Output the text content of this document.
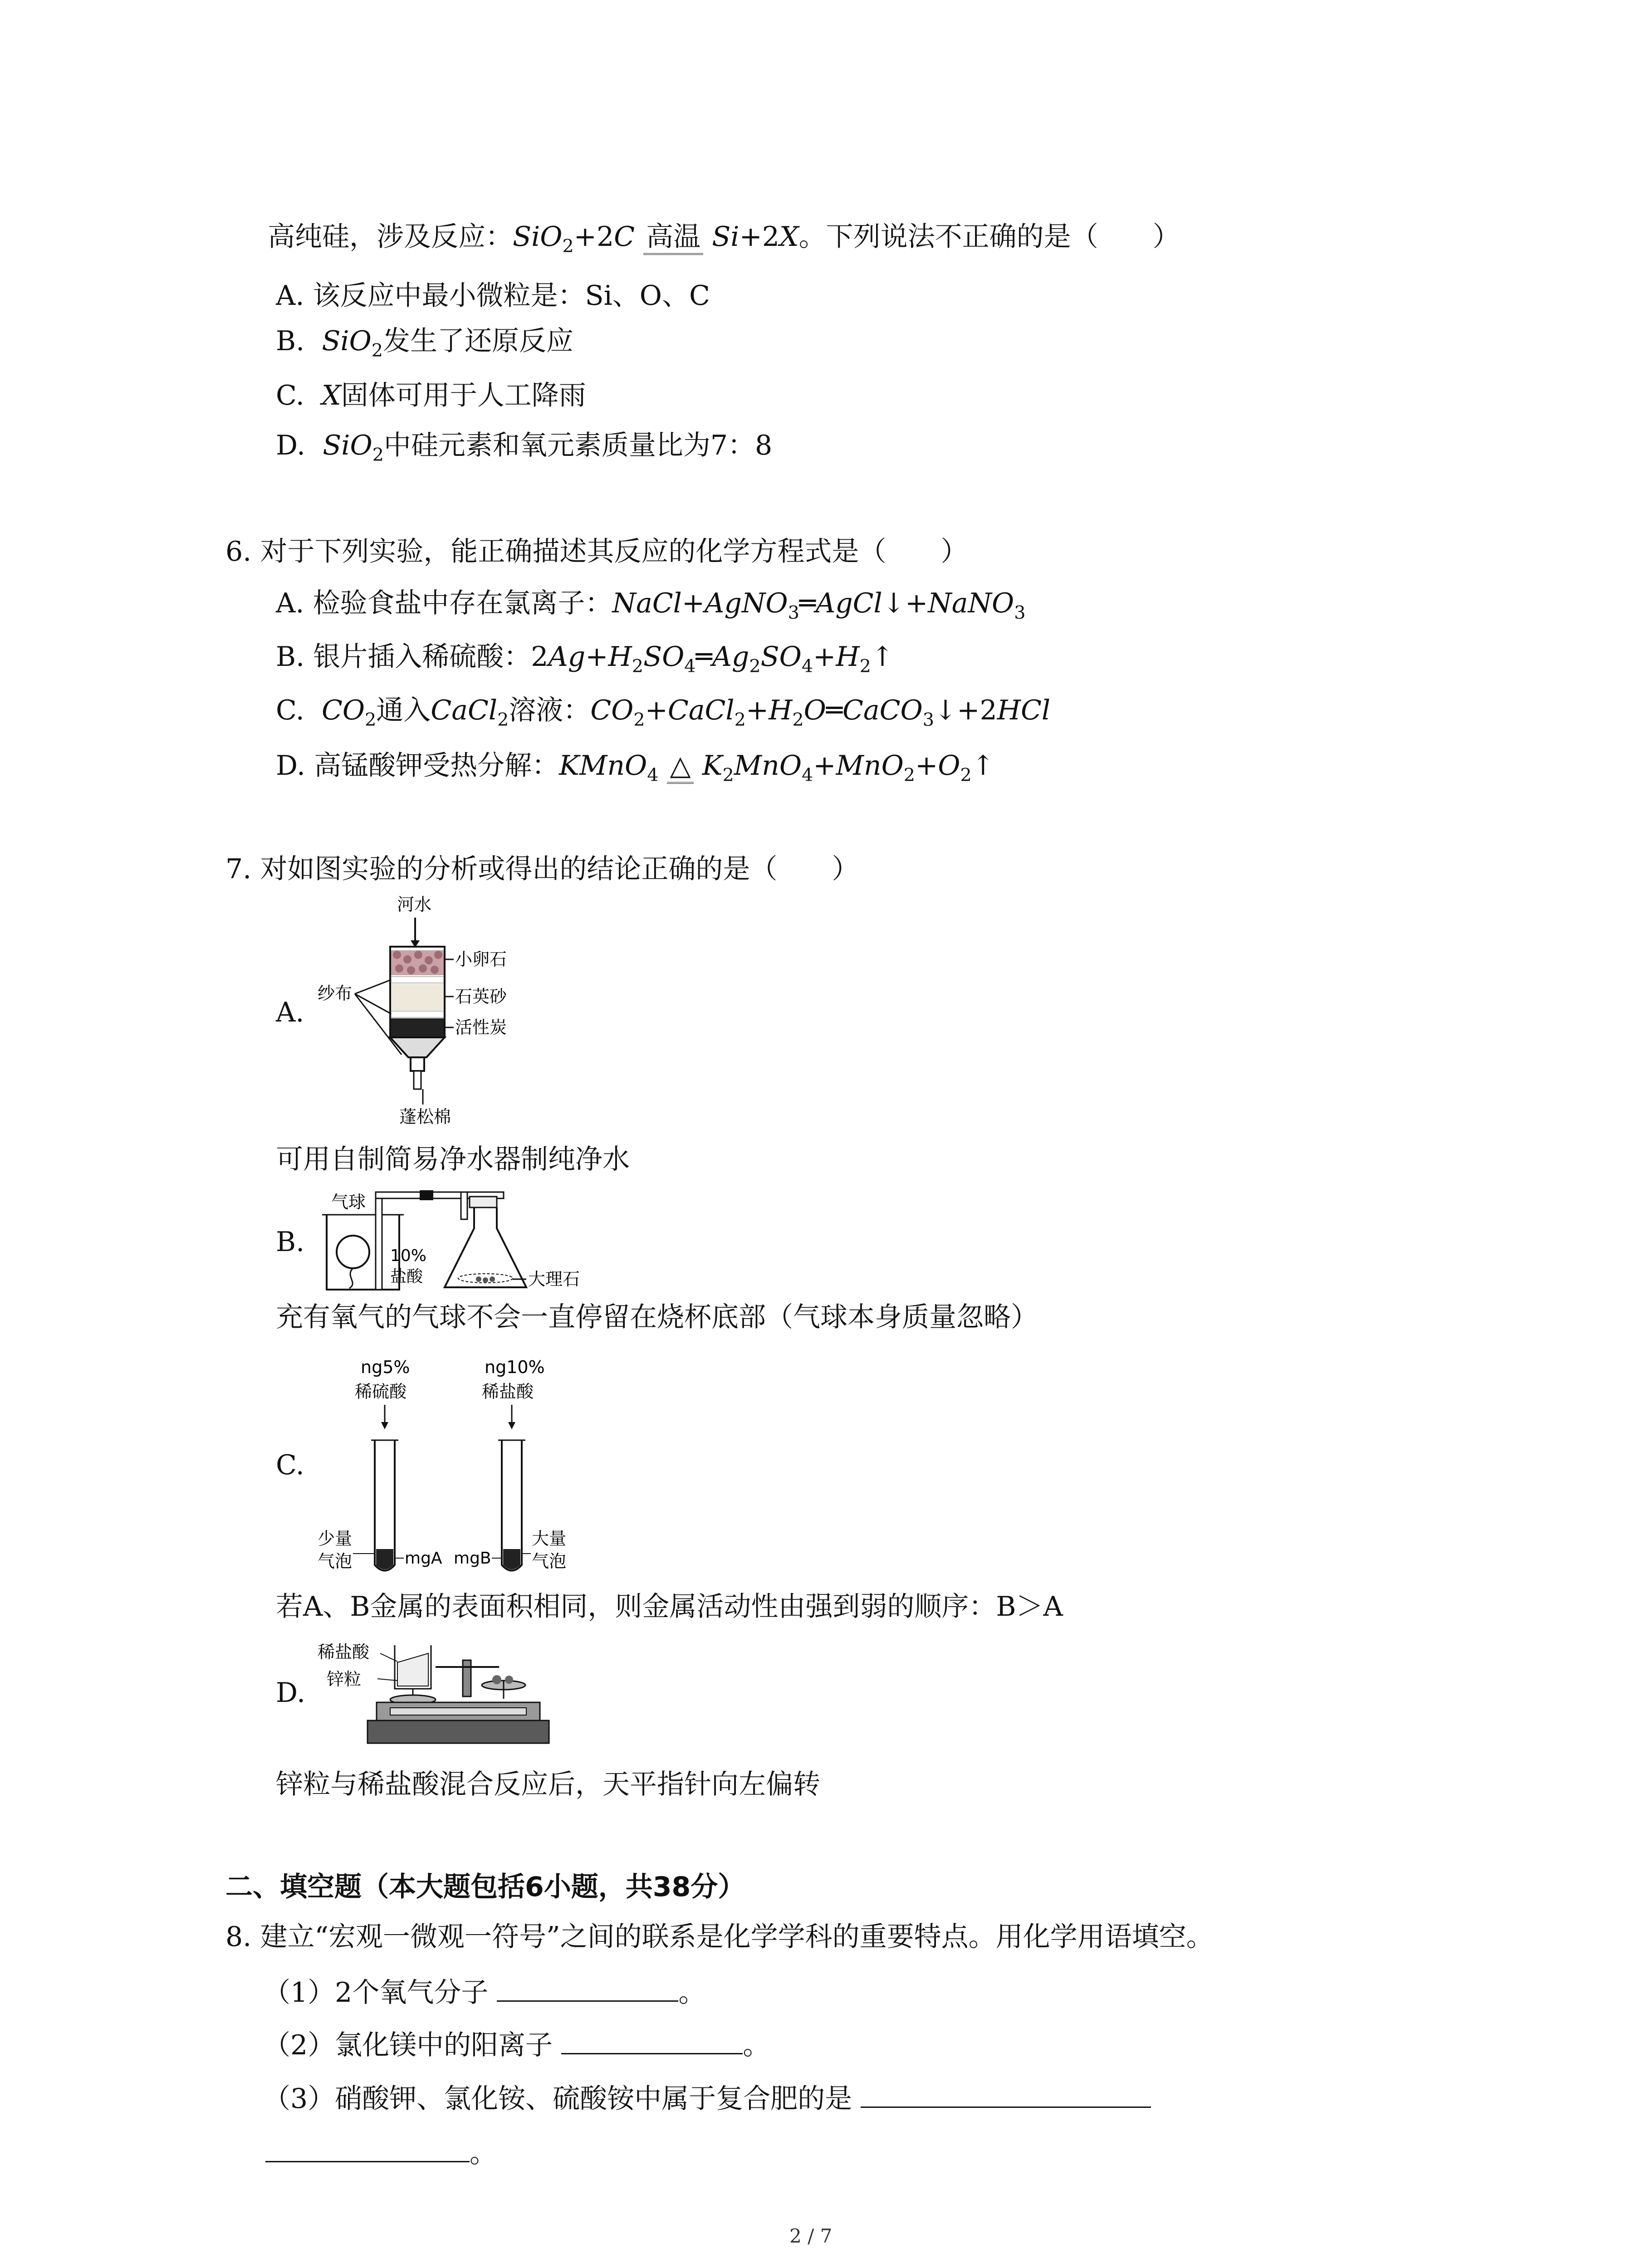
高纯硅，涉及反应：SiO$_2$+2C 高温 Si+2X。下列说法不正确的是（　　）
A. 该反应中最小微粒是：Si、O、C
B. SiO$_2$发生了还原反应
C. X固体可用于人工降雨
D. SiO$_2$中硅元素和氧元素质量比为7：8
6. 对于下列实验，能正确描述其反应的化学方程式是（　　）
A. 检验食盐中存在氯离子：NaCl+AgNO$_3$═AgCl↓+NaNO$_3$
B. 银片插入稀硫酸：$2Ag+H_2SO_4═Ag_2SO_4+H_2↑$
C. $CO_2$通入CaCl$_2$溶液：$CO_2+CaCl_2+H_2O═CaCO_3↓+2HCl$
D. 高锰酸钾受热分解：KMnO$_4$ △ $K_2MnO_4+MnO_2+O_2↑$
7. 对如图实验的分析或得出的结论正确的是（　　）
A.
河水
小卵石
石英砂
活性炭
纱布
蓬松棉
可用自制简易净水器制纯净水
B.
气球
10%
盐酸	大理石
充有氧气的气球不会一直停留在烧杯底部（气球本身质量忽略）
C.
ng5%
稀硫酸
ng10%
稀盐酸
少量
气泡	mgA mgB
大量
气泡
若A、B金属的表面积相同，则金属活动性由强到弱的顺序：B＞A
D.
稀盐酸
锌粒
锌粒与稀盐酸混合反应后，天平指针向左偏转
二、填空题（本大题包括6小题，共38分）
8. 建立“宏观一微观一符号”之间的联系是化学学科的重要特点。用化学用语填空。
（1）2个氧气分子	。
（2）氯化镁中的阳离子	。
（3）硝酸钾、氯化铵、硫酸铵中属于复合肥的是
。
2 / 7
